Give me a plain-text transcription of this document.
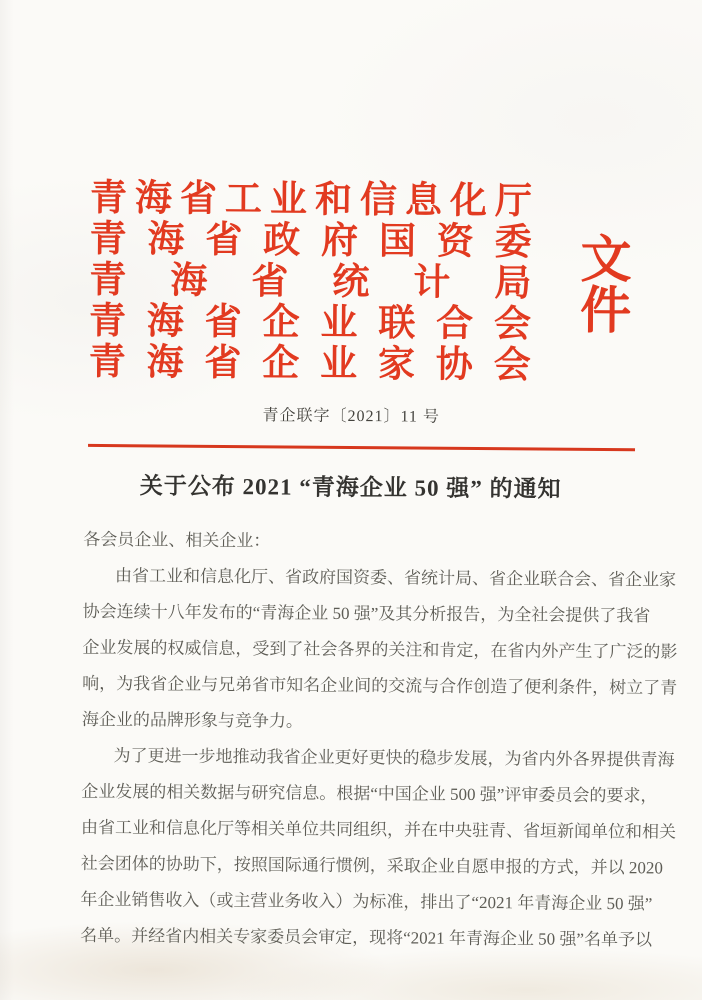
青海省工业和信息化厅
青海省政府国资委
青海省统计局
青海省企业联合会
青海省企业家协会
文件
青企联字〔2021〕11 号
关于公布 2021 “青海企业 50 强” 的通知
各会员企业、相关企业：
由省工业和信息化厅、省政府国资委、省统计局、省企业联合会、省企业家
协会连续十八年发布的“青海企业 50 强”及其分析报告，为全社会提供了我省
企业发展的权威信息，受到了社会各界的关注和肯定，在省内外产生了广泛的影
响，为我省企业与兄弟省市知名企业间的交流与合作创造了便利条件，树立了青
海企业的品牌形象与竞争力。
为了更进一步地推动我省企业更好更快的稳步发展，为省内外各界提供青海
企业发展的相关数据与研究信息。根据“中国企业 500 强”评审委员会的要求，
由省工业和信息化厅等相关单位共同组织，并在中央驻青、省垣新闻单位和相关
社会团体的协助下，按照国际通行惯例，采取企业自愿申报的方式，并以 2020
年企业销售收入（或主营业务收入）为标准，排出了“2021 年青海企业 50 强”
名单。并经省内相关专家委员会审定，现将“2021 年青海企业 50 强”名单予以
